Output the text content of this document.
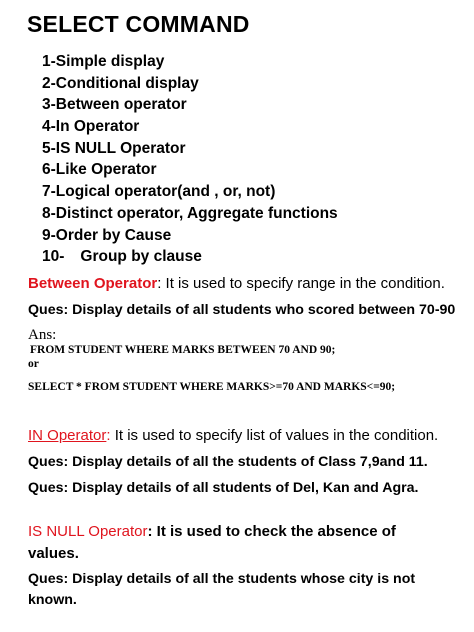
SELECT COMMAND
1-Simple display
2-Conditional display
3-Between operator
4-In Operator
5-IS NULL Operator
6-Like Operator
7-Logical operator(and , or, not)
8-Distinct operator, Aggregate functions
9-Order by Cause
10- Group by clause
Between Operator: It is used to specify range in the condition.
Ques: Display details of all students who scored between 70-90
Ans:
FROM STUDENT WHERE MARKS BETWEEN 70 AND 90;
or
SELECT * FROM STUDENT WHERE MARKS>=70 AND MARKS<=90;
IN Operator: It is used to specify list of values in the condition.
Ques: Display details of all the students of Class 7,9and 11.
Ques: Display details of all students of Del, Kan and Agra.
IS NULL Operator: It is used to check the absence of
values.
Ques: Display details of all the students whose city is not
known.
